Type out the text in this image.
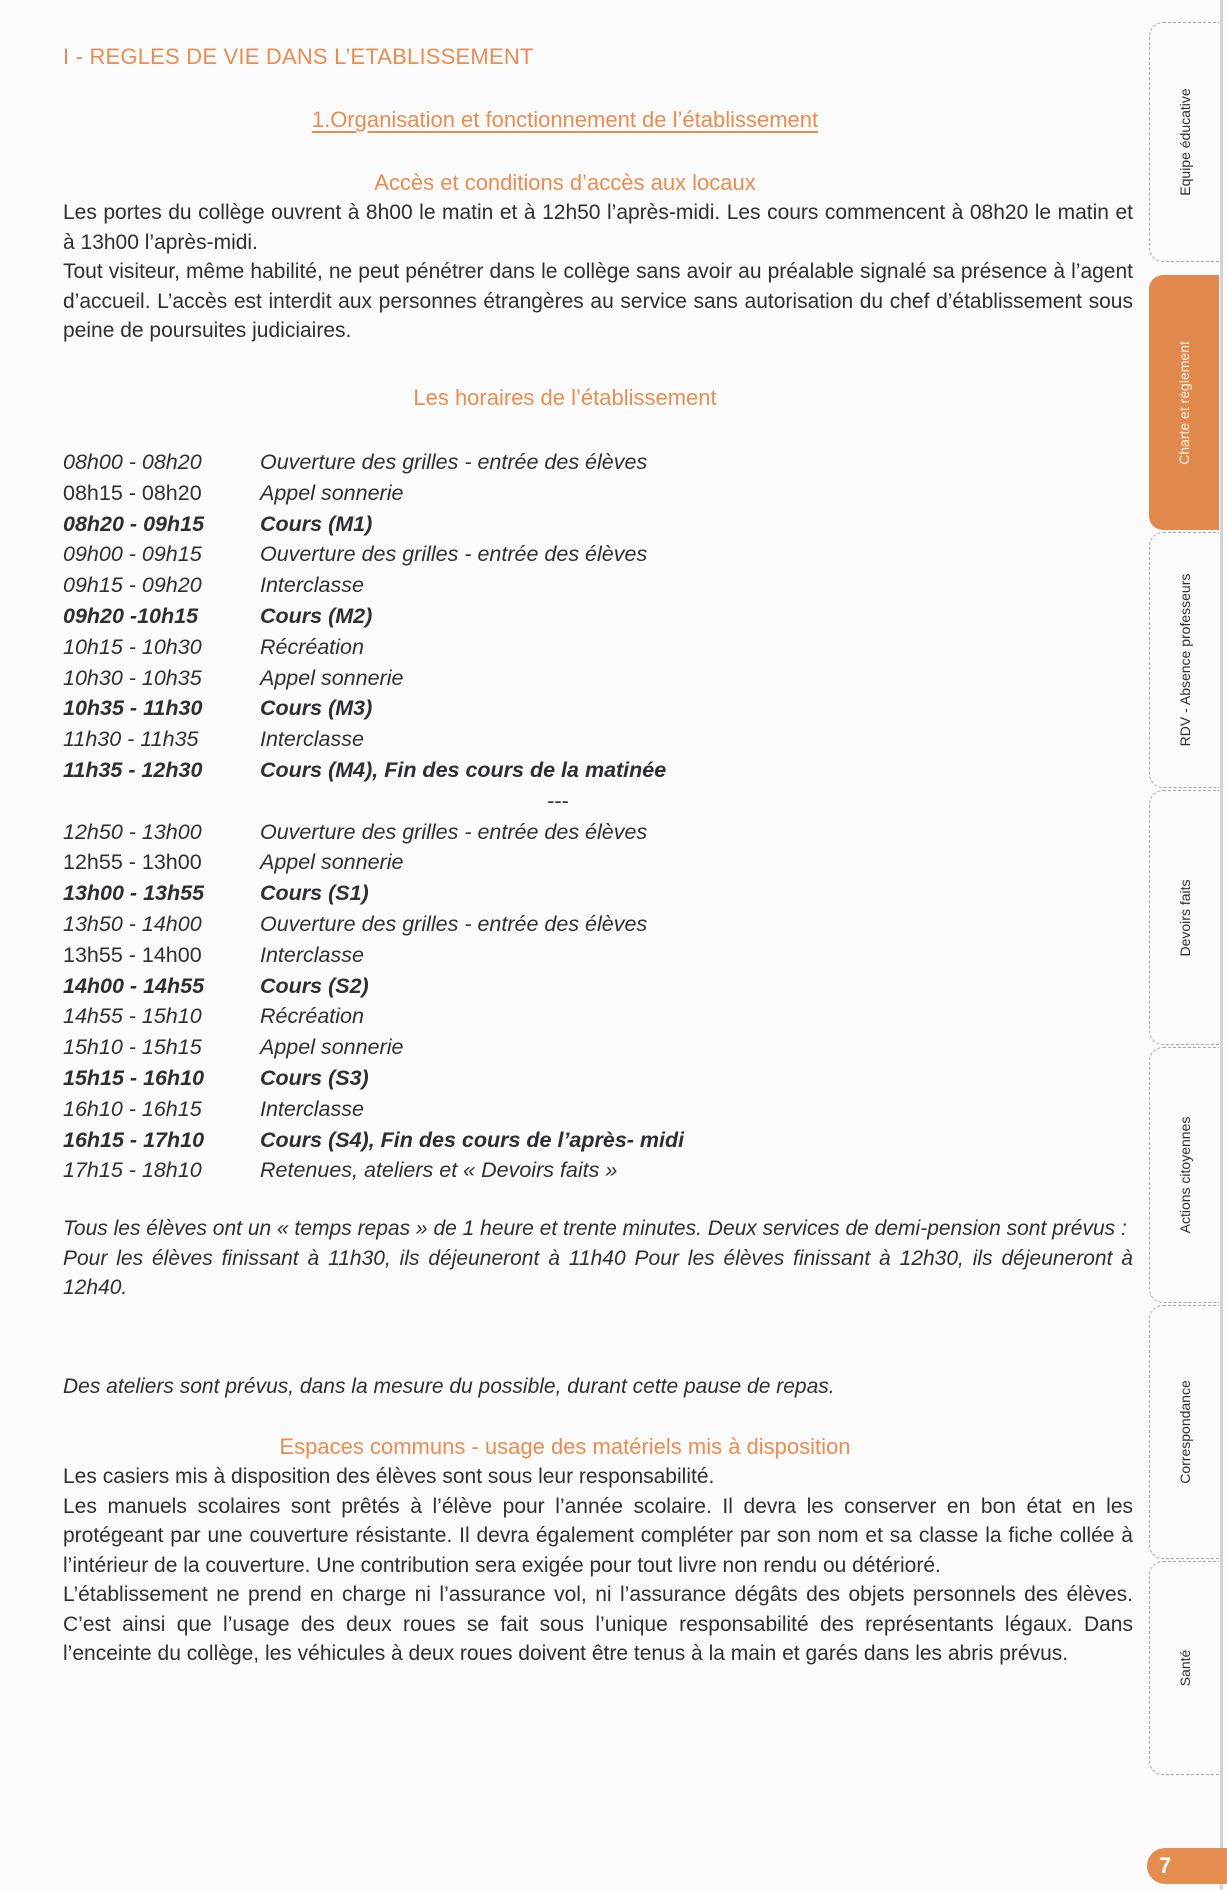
I - REGLES DE VIE DANS L’ETABLISSEMENT
1.Organisation et fonctionnement de l’établissement
Accès et conditions d’accès aux locaux
Les portes du collège ouvrent à 8h00 le matin et à 12h50 l’après-midi. Les cours commencent à 08h20 le matin et à 13h00 l’après-midi.
Tout visiteur, même habilité, ne peut pénétrer dans le collège sans avoir au préalable signalé sa présence à l’agent d’accueil. L’accès est interdit aux personnes étrangères au service sans autorisation du chef d’établissement sous peine de poursuites judiciaires.
Les horaires de l’établissement
08h00 - 08h20	Ouverture des grilles - entrée des élèves
08h15 - 08h20	Appel sonnerie
08h20 - 09h15	Cours (M1)
09h00 - 09h15	Ouverture des grilles - entrée des élèves
09h15 - 09h20	Interclasse
09h20 -10h15	Cours (M2)
10h15 - 10h30	Récréation
10h30 - 10h35	Appel sonnerie
10h35 - 11h30	Cours (M3)
11h30 - 11h35	Interclasse
11h35 - 12h30	Cours (M4), Fin des cours de la matinée
---
12h50 - 13h00	Ouverture des grilles - entrée des élèves
12h55 - 13h00	Appel sonnerie
13h00 - 13h55	Cours (S1)
13h50 - 14h00	Ouverture des grilles - entrée des élèves
13h55 - 14h00	Interclasse
14h00 - 14h55	Cours (S2)
14h55 - 15h10	Récréation
15h10 - 15h15	Appel sonnerie
15h15 - 16h10	Cours (S3)
16h10 - 16h15	Interclasse
16h15 - 17h10	Cours (S4), Fin des cours de l’après- midi
17h15 - 18h10	Retenues, ateliers et « Devoirs faits »
Tous les élèves ont un « temps repas » de 1 heure et trente minutes. Deux services de demi-pension sont prévus :
Pour les élèves finissant à 11h30, ils déjeuneront à 11h40 Pour les élèves finissant à 12h30, ils déjeuneront à 12h40.
Des ateliers sont prévus, dans la mesure du possible, durant cette pause de repas.
Espaces communs - usage des matériels mis à disposition
Les casiers mis à disposition des élèves sont sous leur responsabilité.
Les manuels scolaires sont prêtés à l’élève pour l’année scolaire. Il devra les conserver en bon état en les protégeant par une couverture résistante. Il devra également compléter par son nom et sa classe la fiche collée à l’intérieur de la couverture. Une contribution sera exigée pour tout livre non rendu ou détérioré.
L’établissement ne prend en charge ni l’assurance vol, ni l’assurance dégâts des objets personnels des élèves. C’est ainsi que l’usage des deux roues se fait sous l’unique responsabilité des représentants légaux. Dans l’enceinte du collège, les véhicules à deux roues doivent être tenus à la main et garés dans les abris prévus.
Equipe éducative
Charte et règlement
RDV - Absence professeurs
Devoirs faits
Actions citoyennes
Correspondance
Santé
7
